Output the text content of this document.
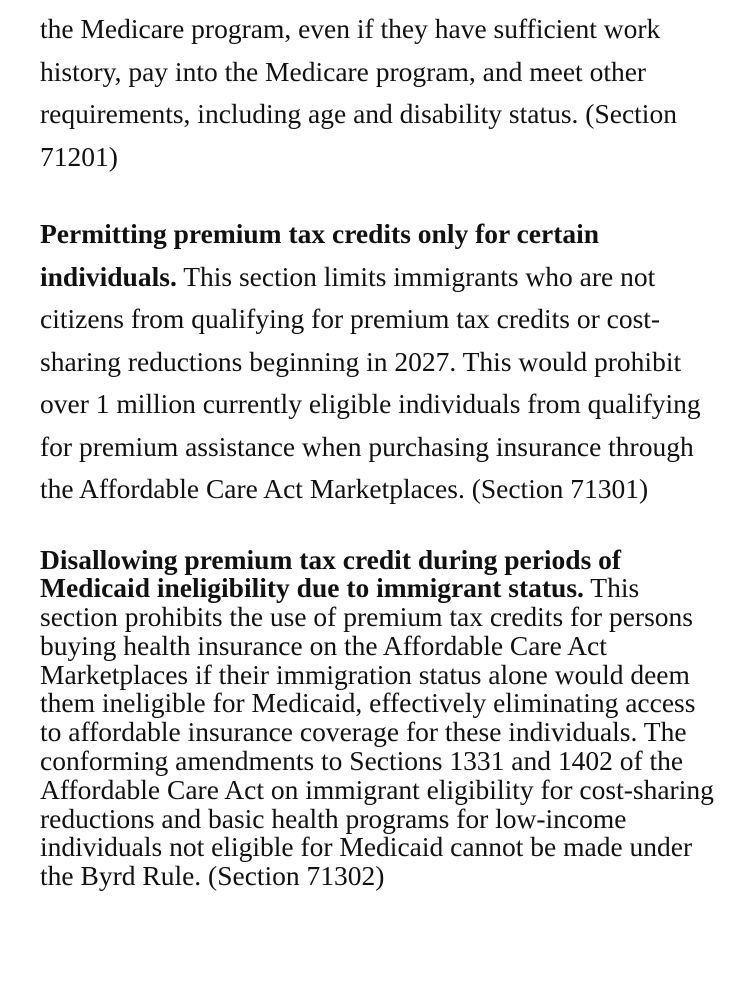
the Medicare program, even if they have sufficient work history, pay into the Medicare program, and meet other requirements, including age and disability status. (Section 71201)

Permitting premium tax credits only for certain individuals. This section limits immigrants who are not citizens from qualifying for premium tax credits or cost-sharing reductions beginning in 2027. This would prohibit over 1 million currently eligible individuals from qualifying for premium assistance when purchasing insurance through the Affordable Care Act Marketplaces. (Section 71301)

Disallowing premium tax credit during periods of Medicaid ineligibility due to immigrant status. This section prohibits the use of premium tax credits for persons buying health insurance on the Affordable Care Act Marketplaces if their immigration status alone would deem them ineligible for Medicaid, effectively eliminating access to affordable insurance coverage for these individuals. The conforming amendments to Sections 1331 and 1402 of the Affordable Care Act on immigrant eligibility for cost-sharing reductions and basic health programs for low-income individuals not eligible for Medicaid cannot be made under the Byrd Rule. (Section 71302)
